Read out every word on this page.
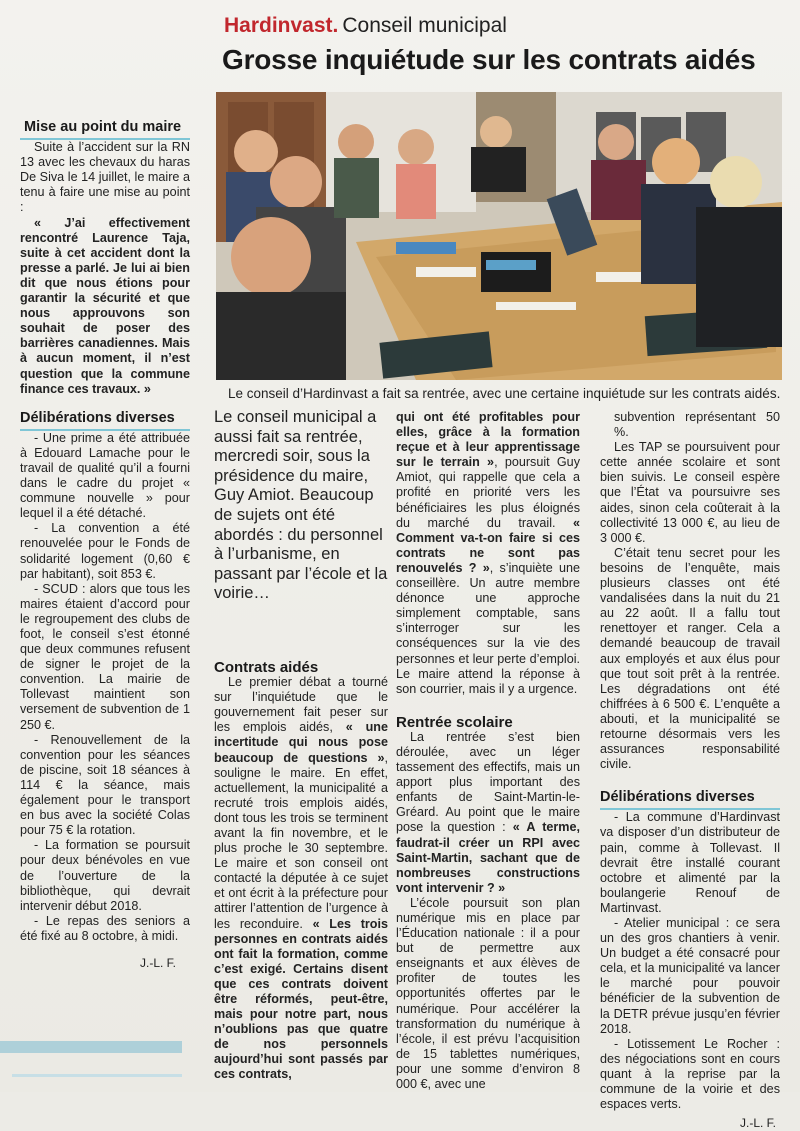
Hardinvast. Conseil municipal
Grosse inquiétude sur les contrats aidés
Le conseil d’Hardinvast a fait sa rentrée, avec une certaine inquiétude sur les contrats aidés.

Mise au point du maire

Suite à l’accident sur la RN 13 avec les chevaux du haras De Siva le 14 juillet, le maire a tenu à faire une mise au point :

« J’ai effectivement rencontré Laurence Taja, suite à cet accident dont la presse a parlé. Je lui ai bien dit que nous étions pour garantir la sécurité et que nous approuvons son souhait de poser des barrières canadiennes. Mais à aucun moment, il n’est question que la commune finance ces travaux. »

Délibérations diverses

- Une prime a été attribuée à Edouard Lamache pour le travail de qualité qu’il a fourni dans le cadre du projet « commune nouvelle » pour lequel il a été détaché.

- La convention a été renouvelée pour le Fonds de solidarité logement (0,60 € par habitant), soit 853 €.

- SCUD : alors que tous les maires étaient d’accord pour le regroupement des clubs de foot, le conseil s’est étonné que deux communes refusent de signer le projet de la convention. La mairie de Tollevast maintient son versement de subvention de 1 250 €.

- Renouvellement de la convention pour les séances de piscine, soit 18 séances à 114 € la séance, mais également pour le transport en bus avec la société Colas pour 75 € la rotation.

- La formation se poursuit pour deux bénévoles en vue de l’ouverture de la bibliothèque, qui devrait intervenir début 2018.

- Le repas des seniors a été fixé au 8 octobre, à midi.

J.-L. F.

Le conseil municipal a aussi fait sa rentrée, mercredi soir, sous la présidence du maire, Guy Amiot. Beaucoup de sujets ont été abordés : du personnel à l’urbanisme, en passant par l’école et la voirie…

Contrats aidés

Le premier débat a tourné sur l’inquiétude que le gouvernement fait peser sur les emplois aidés, « une incertitude qui nous pose beaucoup de questions », souligne le maire. En effet, actuellement, la municipalité a recruté trois emplois aidés, dont tous les trois se terminent avant la fin novembre, et le plus proche le 30 septembre. Le maire et son conseil ont contacté la députée à ce sujet et ont écrit à la préfecture pour attirer l’attention de l’urgence à les reconduire. « Les trois personnes en contrats aidés ont fait la formation, comme c’est exigé. Certains disent que ces contrats doivent être réformés, peut-être, mais pour notre part, nous n’oublions pas que quatre de nos personnels aujourd’hui sont passés par ces contrats,

qui ont été profitables pour elles, grâce à la formation reçue et à leur apprentissage sur le terrain », poursuit Guy Amiot, qui rappelle que cela a profité en priorité vers les bénéficiaires les plus éloignés du marché du travail. « Comment va-t-on faire si ces contrats ne sont pas renouvelés ? », s’inquiète une conseillère. Un autre membre dénonce une approche simplement comptable, sans s’interroger sur les conséquences sur la vie des personnes et leur perte d’emploi. Le maire attend la réponse à son courrier, mais il y a urgence.

Rentrée scolaire

La rentrée s’est bien déroulée, avec un léger tassement des effectifs, mais un apport plus important des enfants de Saint-Martin-le-Gréard. Au point que le maire pose la question : « A terme, faudrat-il créer un RPI avec Saint-Martin, sachant que de nombreuses constructions vont intervenir ? »

L’école poursuit son plan numérique mis en place par l’Éducation nationale : il a pour but de permettre aux enseignants et aux élèves de profiter de toutes les opportunités offertes par le numérique. Pour accélérer la transformation du numérique à l’école, il est prévu l’acquisition de 15 tablettes numériques, pour une somme d’environ 8 000 €, avec une

subvention représentant 50 %.

Les TAP se poursuivent pour cette année scolaire et sont bien suivis. Le conseil espère que l’État va poursuivre ses aides, sinon cela coûterait à la collectivité 13 000 €, au lieu de 3 000 €.

C’était tenu secret pour les besoins de l’enquête, mais plusieurs classes ont été vandalisées dans la nuit du 21 au 22 août. Il a fallu tout renettoyer et ranger. Cela a demandé beaucoup de travail aux employés et aux élus pour que tout soit prêt à la rentrée. Les dégradations ont été chiffrées à 6 500 €. L’enquête a abouti, et la municipalité se retourne désormais vers les assurances responsabilité civile.

Délibérations diverses

- La commune d’Hardinvast va disposer d’un distributeur de pain, comme à Tollevast. Il devrait être installé courant octobre et alimenté par la boulangerie Renouf de Martinvast.

- Atelier municipal : ce sera un des gros chantiers à venir. Un budget a été consacré pour cela, et la municipalité va lancer le marché pour pouvoir bénéficier de la subvention de la DETR prévue jusqu’en février 2018.

- Lotissement Le Rocher : des négociations sont en cours quant à la reprise par la commune de la voirie et des espaces verts.

J.-L. F.
